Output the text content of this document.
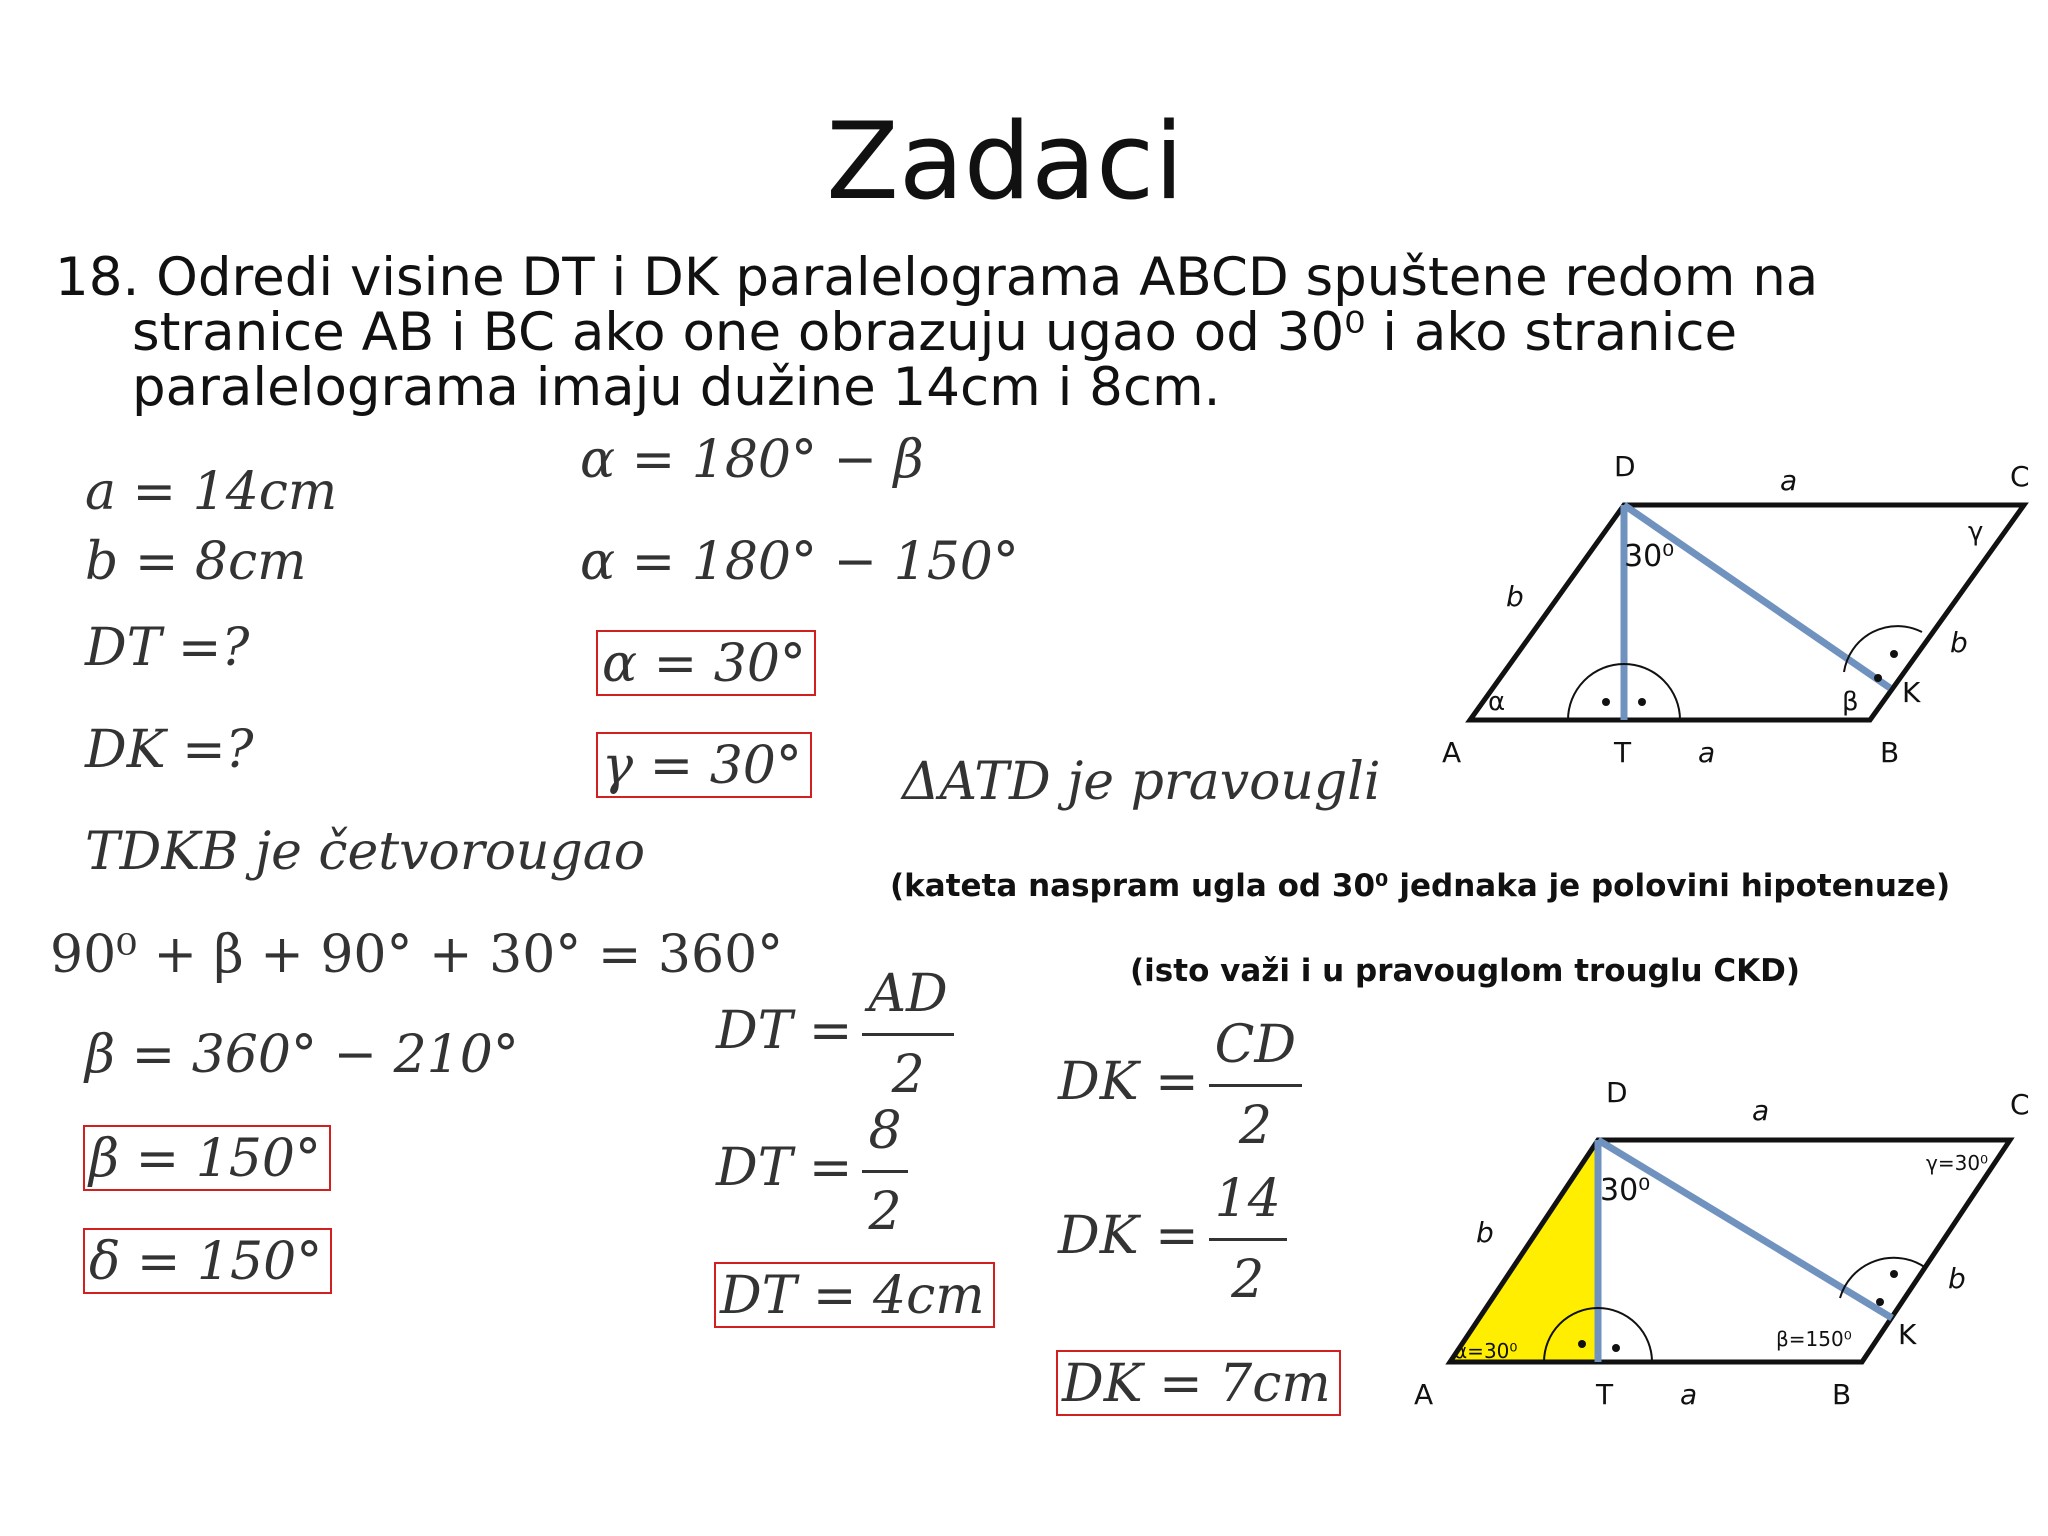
Zadaci
18. Odredi visine DT i DK paralelograma ABCD spuštene redom na
stranice AB i BC ako one obrazuju ugao od 30⁰ i ako stranice
paralelograma imaju dužine 14cm i 8cm.
a = 14cm
b = 8cm
DT =?
DK =?
TDKB je četvorougao
90⁰ + β + 90° + 30° = 360°
β = 360° − 210°
β = 150°
δ = 150°
α = 180° − β
α = 180° − 150°
α = 30°
γ = 30° ΔATD je pravougli
(kateta naspram ugla od 30⁰ jednaka je polovini hipotenuze)
(isto važi i u pravouglom trouglu CKD)
DT = $\frac{AD}{2}$
DT = $\frac{8}{2}$
DT = 4cm
DK = $\frac{CD}{2}$
DK = $\frac{14}{2}$
DK = 7cm
D	C
A	B
T
K
a
a
b
b
30⁰
α	β
γ
D	C
A	B
T
K
a
a
b
b
30⁰
α=30⁰	β=150⁰
γ=30⁰
